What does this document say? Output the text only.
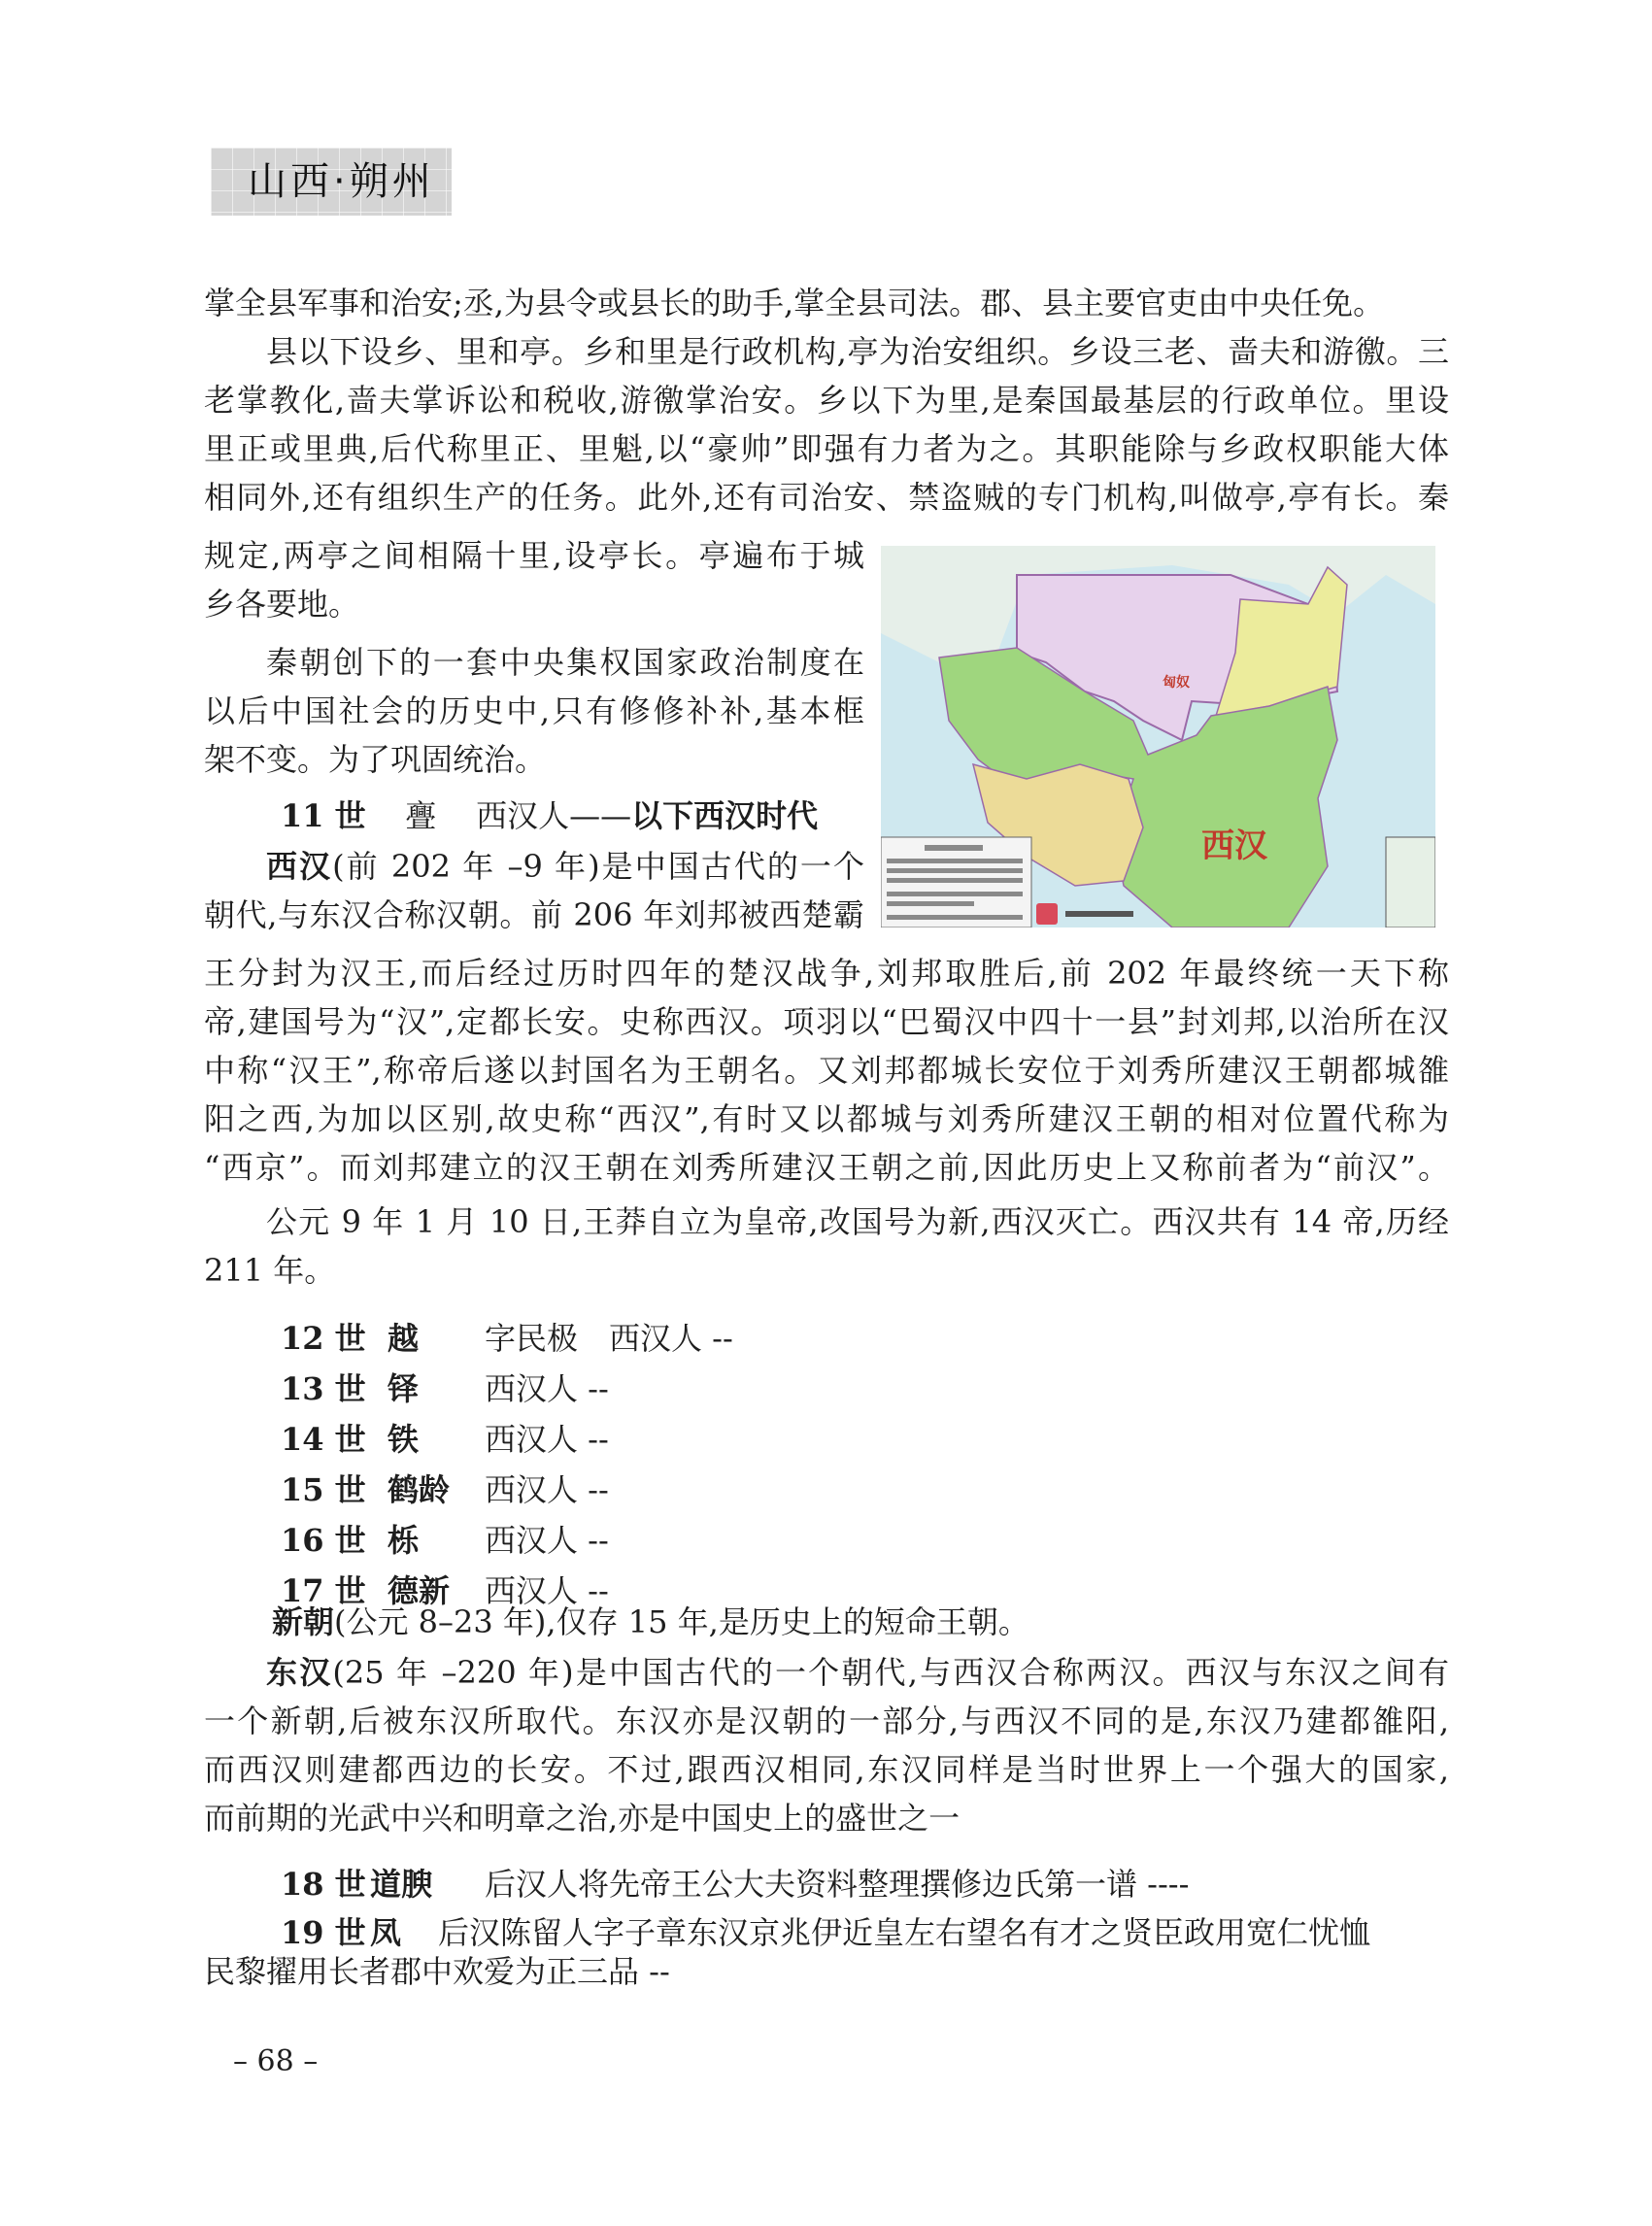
山西·朔州
掌全县军事和治安;丞,为县令或县长的助手,掌全县司法。郡、县主要官吏由中央任免。
县以下设乡、里和亭。乡和里是行政机构,亭为治安组织。乡设三老、啬夫和游徼。三
老掌教化,啬夫掌诉讼和税收,游徼掌治安。乡以下为里,是秦国最基层的行政单位。里设
里正或里典,后代称里正、里魁,以“豪帅”即强有力者为之。其职能除与乡政权职能大体
相同外,还有组织生产的任务。此外,还有司治安、禁盗贼的专门机构,叫做亭,亭有长。秦
规定,两亭之间相隔十里,设亭长。亭遍布于城
乡各要地。
秦朝创下的一套中央集权国家政治制度在
以后中国社会的历史中,只有修修补补,基本框
架不变。为了巩固统治。
11 世 亹 西汉人——以下西汉时代
西汉(前 202 年 –9 年)是中国古代的一个
朝代,与东汉合称汉朝。前 206 年刘邦被西楚霸
王分封为汉王,而后经过历时四年的楚汉战争,刘邦取胜后,前 202 年最终统一天下称
帝,建国号为“汉”,定都长安。史称西汉。项羽以“巴蜀汉中四十一县”封刘邦,以治所在汉
中称“汉王”,称帝后遂以封国名为王朝名。又刘邦都城长安位于刘秀所建汉王朝都城雒
阳之西,为加以区别,故史称“西汉”,有时又以都城与刘秀所建汉王朝的相对位置代称为
“西京”。而刘邦建立的汉王朝在刘秀所建汉王朝之前,因此历史上又称前者为“前汉”。
公元 9 年 1 月 10 日,王莽自立为皇帝,改国号为新,西汉灭亡。西汉共有 14 帝,历经
211 年。
12 世 越 字民极　西汉人 --
13 世 铎 西汉人 --
14 世 铁 西汉人 --
15 世 鹤龄 西汉人 --
16 世 栎 西汉人 --
17 世 德新 西汉人 --
18 世 道腴 后汉人将先帝王公大夫资料整理撰修边氏第一谱 ----
19 世 凤 后汉陈留人字子章东汉京兆伊近皇左右望名有才之贤臣政用宽仁忧恤
新朝(公元 8–23 年),仅存 15 年,是历史上的短命王朝。
东汉(25 年 –220 年)是中国古代的一个朝代,与西汉合称两汉。西汉与东汉之间有
一个新朝,后被东汉所取代。东汉亦是汉朝的一部分,与西汉不同的是,东汉乃建都雒阳,
而西汉则建都西边的长安。不过,跟西汉相同,东汉同样是当时世界上一个强大的国家,
而前期的光武中兴和明章之治,亦是中国史上的盛世之一
民黎擢用长者郡中欢爱为正三品 --
– 68 –
西汉
匈奴
